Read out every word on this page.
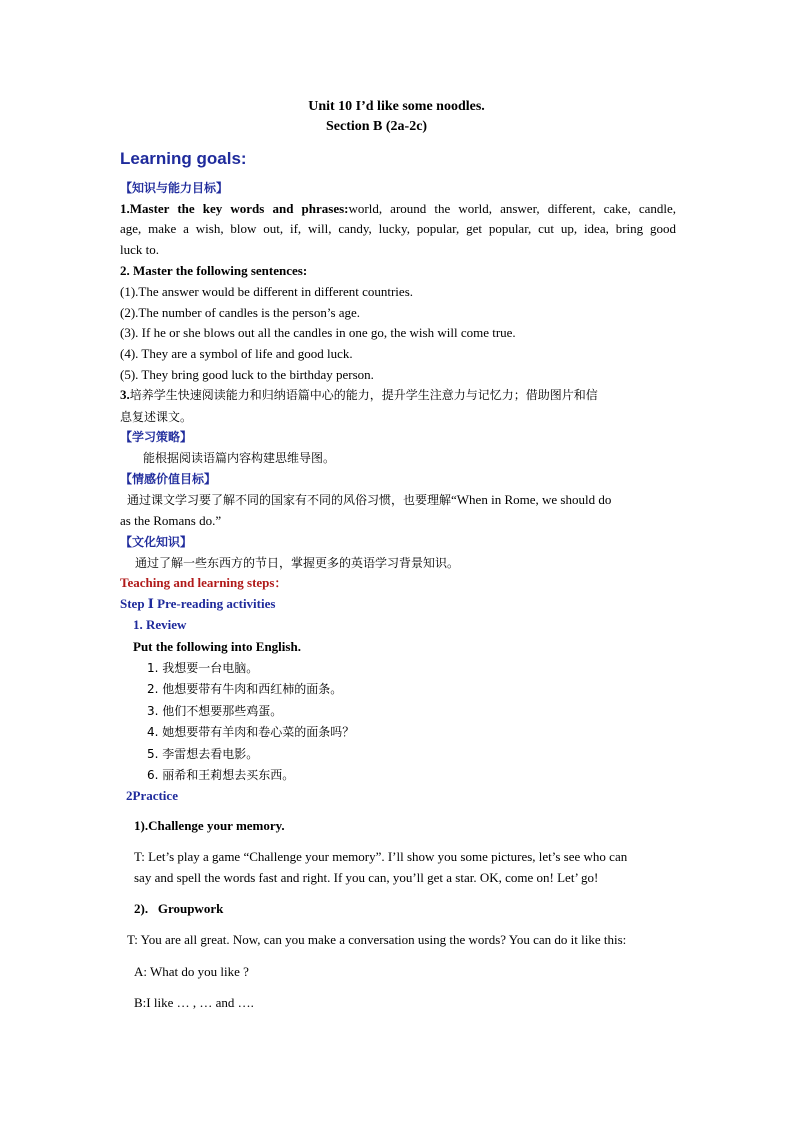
Unit 10 I’d like some noodles.
Section B (2a-2c)
Learning goals:
【知识与能力目标】
1.Master the key words and phrases:world, around the world, answer, different, cake, candle,
age, make a wish, blow out, if, will, candy, lucky, popular, get popular, cut up, idea, bring good
luck to.
2. Master the following sentences:
(1).The answer would be different in different countries.
(2).The number of candles is the person’s age.
(3). If he or she blows out all the candles in one go, the wish will come true.
(4). They are a symbol of life and good luck.
(5). They bring good luck to the birthday person.
3.培养学生快速阅读能力和归纳语篇中心的能力，提升学生注意力与记忆力；借助图片和信
息复述课文。
【学习策略】
能根据阅读语篇内容构建思维导图。
【情感价值目标】
通过课文学习要了解不同的国家有不同的风俗习惯，也要理解“When in Rome, we should do
as the Romans do.”
【文化知识】
通过了解一些东西方的节日，掌握更多的英语学习背景知识。
Teaching and learning steps：
Step Ⅰ Pre-reading activities
1. Review
Put the following into English.
1. 我想要一台电脑。
2. 他想要带有牛肉和西红柿的面条。
3. 他们不想要那些鸡蛋。
4. 她想要带有羊肉和卷心菜的面条吗？
5. 李雷想去看电影。
6. 丽希和王莉想去买东西。
2Practice
1).Challenge your memory.
T: Let’s play a game “Challenge your memory”. I’ll show you some pictures, let’s see who can
say and spell the words fast and right. If you can, you’ll get a star. OK, come on! Let’ go!
2).   Groupwork
T: You are all great. Now, can you make a conversation using the words? You can do it like this:
A: What do you like ?
B:I like … , … and ….
